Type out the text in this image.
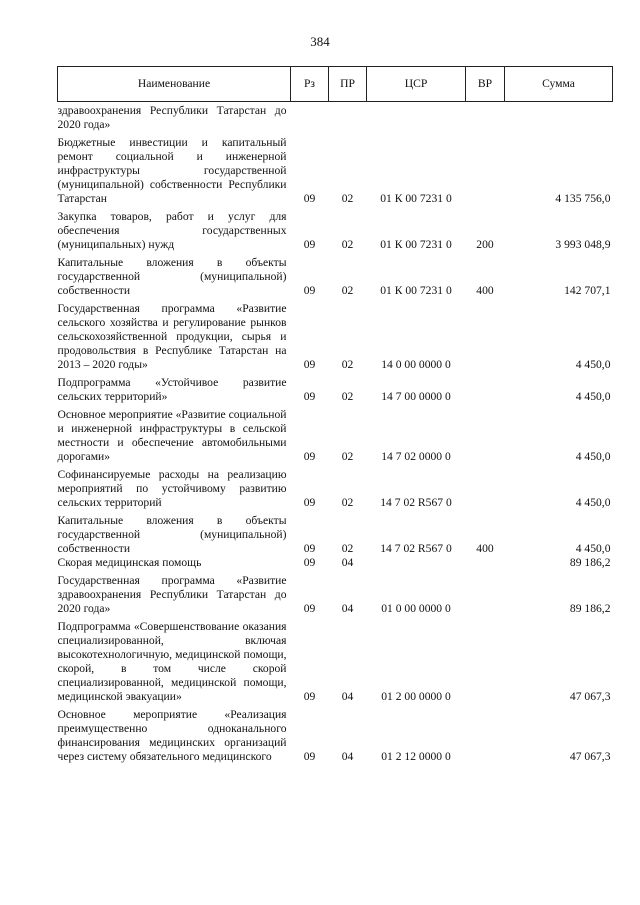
384
Наименование	Рз	ПР	ЦСР	ВР	Сумма
здравоохранения Республики Татарстан до 2020 года»					
Бюджетные инвестиции и капитальный ремонт социальной и инженерной инфраструктуры государственной (муниципальной) собственности Республики Татарстан	09	02	01 К 00 7231 0		4 135 756,0
Закупка товаров, работ и услуг для обеспечения государственных (муниципальных) нужд	09	02	01 К 00 7231 0	200	3 993 048,9
Капитальные вложения в объекты государственной (муниципальной) собственности	09	02	01 К 00 7231 0	400	142 707,1
Государственная программа «Развитие сельского хозяйства и регулирование рынков сельскохозяйственной продукции, сырья и продовольствия в Республике Татарстан на 2013 – 2020 годы»	09	02	14 0 00 0000 0		4 450,0
Подпрограмма «Устойчивое развитие сельских территорий»	09	02	14 7 00 0000 0		4 450,0
Основное мероприятие «Развитие социальной и инженерной инфраструктуры в сельской местности и обеспечение автомобильными дорогами»	09	02	14 7 02 0000 0		4 450,0
Софинансируемые расходы на реализацию мероприятий по устойчивому развитию сельских территорий	09	02	14 7 02 R567 0		4 450,0
Капитальные вложения в объекты государственной (муниципальной) собственности	09	02	14 7 02 R567 0	400	4 450,0
Скорая медицинская помощь	09	04			89 186,2
Государственная программа «Развитие здравоохранения Республики Татарстан до 2020 года»	09	04	01 0 00 0000 0		89 186,2
Подпрограмма «Совершенствование оказания специализированной, включая высокотехнологичную, медицинской помощи, скорой, в том числе скорой специализированной, медицинской помощи, медицинской эвакуации»	09	04	01 2 00 0000 0		47 067,3
Основное мероприятие «Реализация преимущественно одноканального финансирования медицинских организаций через систему обязательного медицинского	09	04	01 2 12 0000 0		47 067,3
